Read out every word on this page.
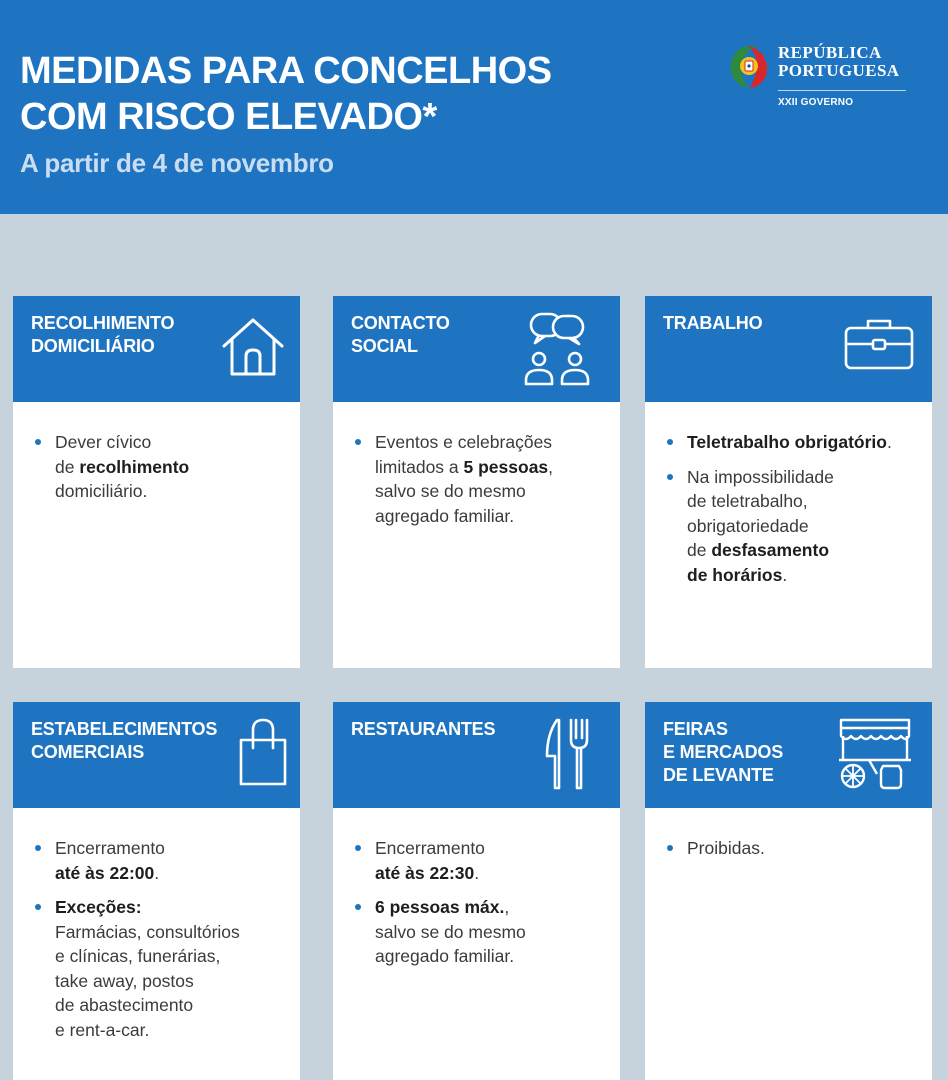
MEDIDAS PARA CONCELHOS
COM RISCO ELEVADO*
A partir de 4 de novembro
REPÚBLICA
PORTUGUESA
XXII GOVERNO
RECOLHIMENTO
DOMICILIÁRIO
Dever cívico
de recolhimento
domiciliário.
CONTACTO
SOCIAL
Eventos e celebrações
limitados a 5 pessoas,
salvo se do mesmo
agregado familiar.
TRABALHO
Teletrabalho obrigatório.
Na impossibilidade
de teletrabalho,
obrigatoriedade
de desfasamento
de horários.
ESTABELECIMENTOS
COMERCIAIS
Encerramento
até às 22:00.
Exceções:
Farmácias, consultórios
e clínicas, funerárias,
take away, postos
de abastecimento
e rent-a-car.
RESTAURANTES
Encerramento
até às 22:30.
6 pessoas máx.,
salvo se do mesmo
agregado familiar.
FEIRAS
E MERCADOS
DE LEVANTE
Proibidas.
